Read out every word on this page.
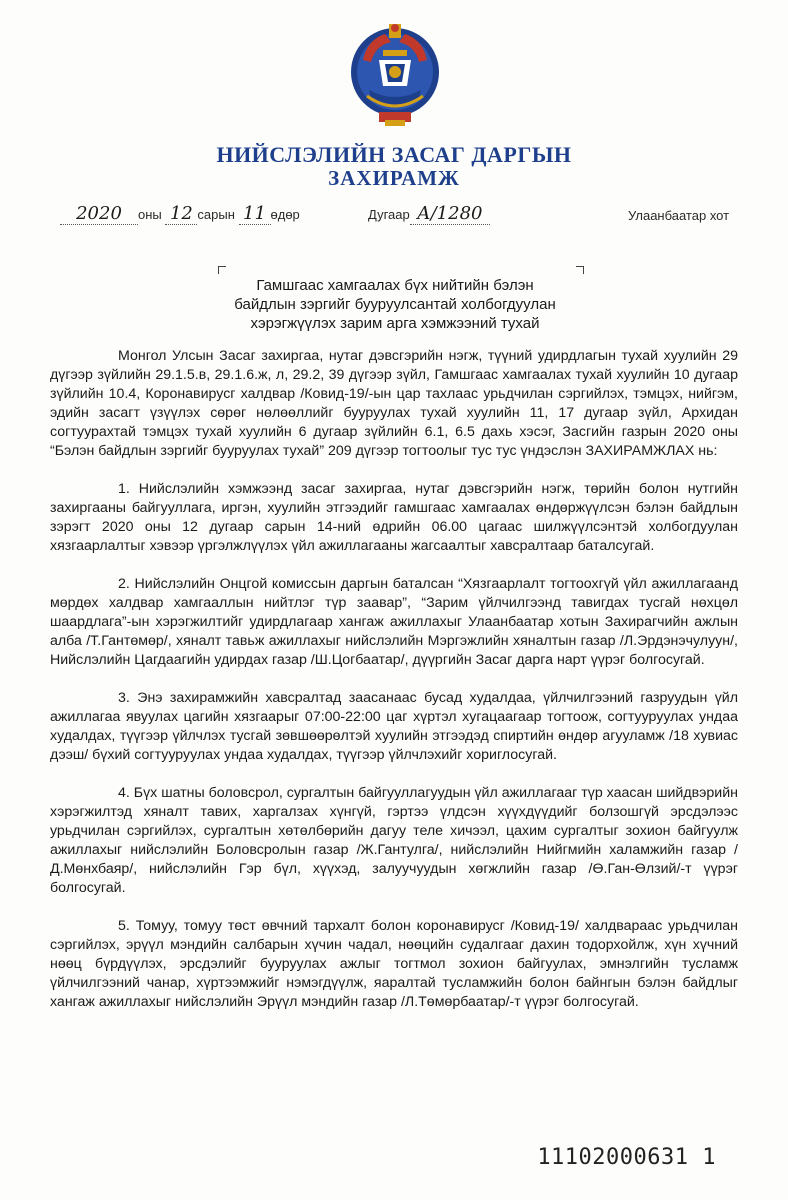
НИЙСЛЭЛИЙН ЗАСАГ ДАРГЫН
ЗАХИРАМЖ
2020 оны 12 сарын 11 өдөр	Дугаар А/1280	Улаанбаатар хот
Гамшгаас хамгаалах бүх нийтийн бэлэн
байдлын зэргийг бууруулсантай холбогдуулан
хэрэгжүүлэх зарим арга хэмжээний тухай

Монгол Улсын Засаг захиргаа, нутаг дэвсгэрийн нэгж, түүний удирдлагын тухай хуулийн 29 дүгээр зүйлийн 29.1.5.в, 29.1.6.ж, л, 29.2, 39 дүгээр зүйл, Гамшгаас хамгаалах тухай хуулийн 10 дугаар зүйлийн 10.4, Коронавирусг халдвар /Ковид-19/-ын цар тахлаас урьдчилан сэргийлэх, тэмцэх, нийгэм, эдийн засагт үзүүлэх сөрөг нөлөөллийг бууруулах тухай хуулийн 11, 17 дугаар зүйл, Архидан согтуурахтай тэмцэх тухай хуулийн 6 дугаар зүйлийн 6.1, 6.5 дахь хэсэг, Засгийн газрын 2020 оны “Бэлэн байдлын зэргийг бууруулах тухай” 209 дүгээр тогтоолыг тус тус үндэслэн ЗАХИРАМЖЛАХ нь:

1. Нийслэлийн хэмжээнд засаг захиргаа, нутаг дэвсгэрийн нэгж, төрийн болон нутгийн захиргааны байгууллага, иргэн, хуулийн этгээдийг гамшгаас хамгаалах өндөржүүлсэн бэлэн байдлын зэрэгт 2020 оны 12 дугаар сарын 14-ний өдрийн 06.00 цагаас шилжүүлсэнтэй холбогдуулан хязгаарлалтыг хэвээр үргэлжлүүлэх үйл ажиллагааны жагсаалтыг хавсралтаар баталсугай.

2. Нийслэлийн Онцгой комиссын даргын баталсан “Хязгаарлалт тогтоохгүй үйл ажиллагаанд мөрдөх халдвар хамгааллын нийтлэг түр заавар”, “Зарим үйлчилгээнд тавигдах тусгай нөхцөл шаардлага”-ын хэрэгжилтийг удирдлагаар хангаж ажиллахыг Улаанбаатар хотын Захирагчийн ажлын алба /Т.Гантөмөр/, хяналт тавьж ажиллахыг нийслэлийн Мэргэжлийн хяналтын газар /Л.Эрдэнэчулуун/, Нийслэлийн Цагдаагийн удирдах газар /Ш.Цогбаатар/, дүүргийн Засаг дарга нарт үүрэг болгосугай.

3. Энэ захирамжийн хавсралтад заасанаас бусад худалдаа, үйлчилгээний газруудын үйл ажиллагаа явуулах цагийн хязгаарыг 07:00-22:00 цаг хүртэл хугацаагаар тогтоож, согтууруулах ундаа худалдах, түүгээр үйлчлэх тусгай зөвшөөрөлтэй хуулийн этгээдэд спиртийн өндөр агууламж /18 хувиас дээш/ бүхий согтууруулах ундаа худалдах, түүгээр үйлчлэхийг хориглосугай.

4. Бүх шатны боловсрол, сургалтын байгууллагуудын үйл ажиллагааг түр хаасан шийдвэрийн хэрэгжилтэд хяналт тавих, харгалзах хүнгүй, гэртээ үлдсэн хүүхдүүдийг болзошгүй эрсдэлээс урьдчилан сэргийлэх, сургалтын хөтөлбөрийн дагуу теле хичээл, цахим сургалтыг зохион байгуулж ажиллахыг нийслэлийн Боловсролын газар /Ж.Гантулга/, нийслэлийн Нийгмийн халамжийн газар /Д.Мөнхбаяр/, нийслэлийн Гэр бүл, хүүхэд, залуучуудын хөгжлийн газар /Ө.Ган-Өлзий/-т үүрэг болгосугай.

5. Томуу, томуу төст өвчний тархалт болон коронавирусг /Ковид-19/ халдвараас урьдчилан сэргийлэх, эрүүл мэндийн салбарын хүчин чадал, нөөцийн судалгааг дахин тодорхойлж, хүн хүчний нөөц бүрдүүлэх, эрсдэлийг бууруулах ажлыг тогтмол зохион байгуулах, эмнэлгийн тусламж үйлчилгээний чанар, хүртээмжийг нэмэгдүүлж, яаралтай тусламжийн болон байнгын бэлэн байдлыг хангаж ажиллахыг нийслэлийн Эрүүл мэндийн газар /Л.Төмөрбаатар/-т үүрэг болгосугай.

11102000631 1
